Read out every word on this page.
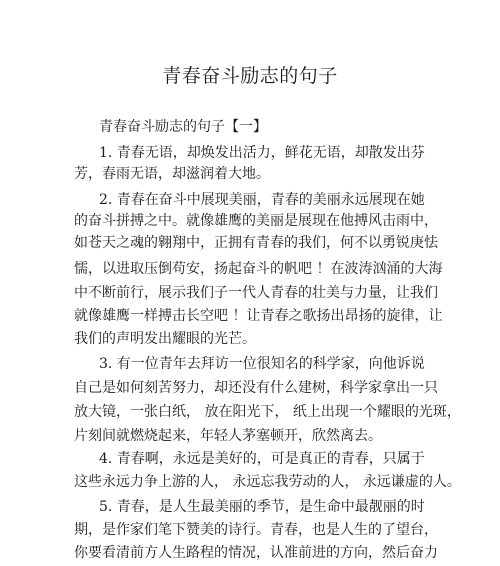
青春奋斗励志的句子
青春奋斗励志的句子【一】
1. 青春无语，却焕发出活力，鲜花无语，却散发出芬
芳，春雨无语，却滋润着大地。
2. 青春在奋斗中展现美丽，青春的美丽永远展现在她
的奋斗拼搏之中。就像雄鹰的美丽是展现在他搏风击雨中，
如苍天之魂的翱翔中，正拥有青春的我们，何不以勇锐庚怯
懦，以进取压倒苟安，扬起奋斗的帆吧 ！在波涛汹涌的大海
中不断前行，展示我们子一代人青春的壮美与力量，让我们
就像雄鹰一样搏击长空吧 ！让青春之歌扬出昂扬的旋律，让
我们的声明发出耀眼的光芒。
3. 有一位青年去拜访一位很知名的科学家，向他诉说
自己是如何刻苦努力，却还没有什么建树，科学家拿出一只
放大镜，一张白纸， 放在阳光下， 纸上出现一个耀眼的光斑，
片刻间就燃烧起来，年轻人茅塞顿开，欣然离去。
4. 青春啊，永远是美好的，可是真正的青春，只属于
这些永远力争上游的人， 永远忘我劳动的人， 永远谦虚的人。
5. 青春，是人生最美丽的季节，是生命中最靓丽的时
期，是作家们笔下赞美的诗行。青春，也是人生的了望台，
你要看清前方人生路程的情况，认准前进的方向，然后奋力
